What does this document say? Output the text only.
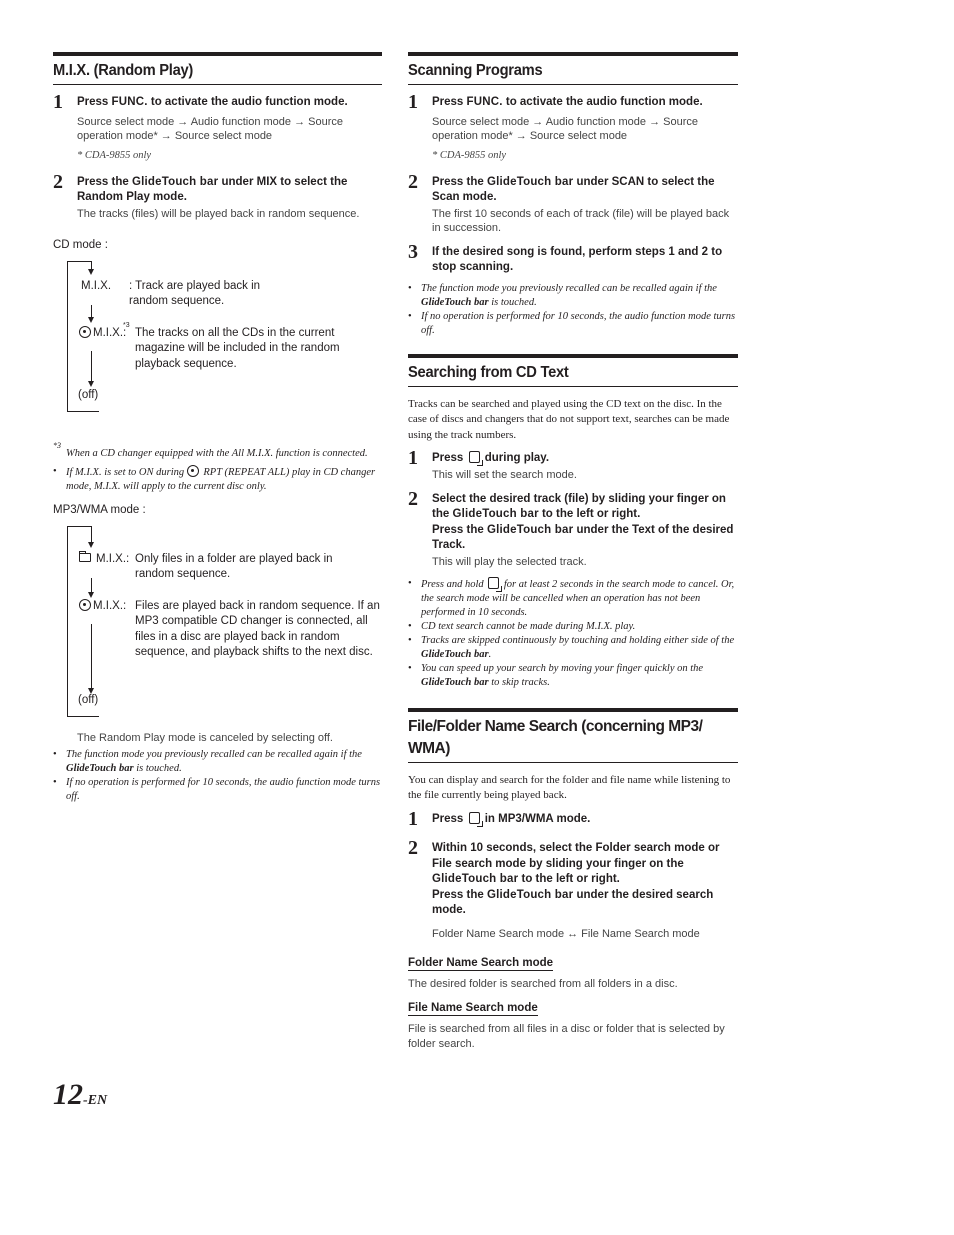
M.I.X. (Random Play)
1 Press FUNC. to activate the audio function mode.
Source select mode → Audio function mode → Source operation mode* → Source select mode
* CDA-9855 only
2 Press the GlideTouch bar under MIX to select the Random Play mode.
The tracks (files) will be played back in random sequence.
CD mode :
M.I.X. : Track are played back in random sequence.
M.I.X.:
*3
The tracks on all the CDs in the current magazine will be included in the random playback sequence.
(off)
*3
When a CD changer equipped with the All M.I.X. function is connected.
• If M.I.X. is set to ON during  RPT (REPEAT ALL) play in CD changer mode, M.I.X. will apply to the current disc only.
MP3/WMA mode :
M.I.X.: Only files in a folder are played back in random sequence.
M.I.X.: Files are played back in random sequence. If an MP3 compatible CD changer is connected, all files in a disc are played back in random sequence, and playback shifts to the next disc.
(off)
The Random Play mode is canceled by selecting off.
• The function mode you previously recalled can be recalled again if the GlideTouch bar is touched.
• If no operation is performed for 10 seconds, the audio function mode turns off.
Scanning Programs
1 Press FUNC. to activate the audio function mode.
Source select mode → Audio function mode → Source operation mode* → Source select mode
* CDA-9855 only
2 Press the GlideTouch bar under SCAN to select the Scan mode.
The first 10 seconds of each of track (file) will be played back in succession.
3 If the desired song is found, perform steps 1 and 2 to stop scanning.
• The function mode you previously recalled can be recalled again if the GlideTouch bar is touched.
• If no operation is performed for 10 seconds, the audio function mode turns off.
Searching from CD Text
Tracks can be searched and played using the CD text on the disc. In the case of discs and changers that do not support text, searches can be made using the track numbers.
1 Press  during play.
This will set the search mode.
2 Select the desired track (file) by sliding your finger on the GlideTouch bar to the left or right.
Press the GlideTouch bar under the Text of the desired Track.
This will play the selected track.
• Press and hold  for at least 2 seconds in the search mode to cancel. Or, the search mode will be cancelled when an operation has not been performed in 10 seconds.
• CD text search cannot be made during M.I.X. play.
• Tracks are skipped continuously by touching and holding either side of the GlideTouch bar.
• You can speed up your search by moving your finger quickly on the GlideTouch bar to skip tracks.
File/Folder Name Search (concerning MP3/ WMA)
You can display and search for the folder and file name while listening to the file currently being played back.
1 Press  in MP3/WMA mode.
2 Within 10 seconds, select the Folder search mode or File search mode by sliding your finger on the GlideTouch bar to the left or right.
Press the GlideTouch bar under the desired search mode.
Folder Name Search mode ↔ File Name Search mode
Folder Name Search mode
The desired folder is searched from all folders in a disc.
File Name Search mode
File is searched from all files in a disc or folder that is selected by folder search.
12-EN
